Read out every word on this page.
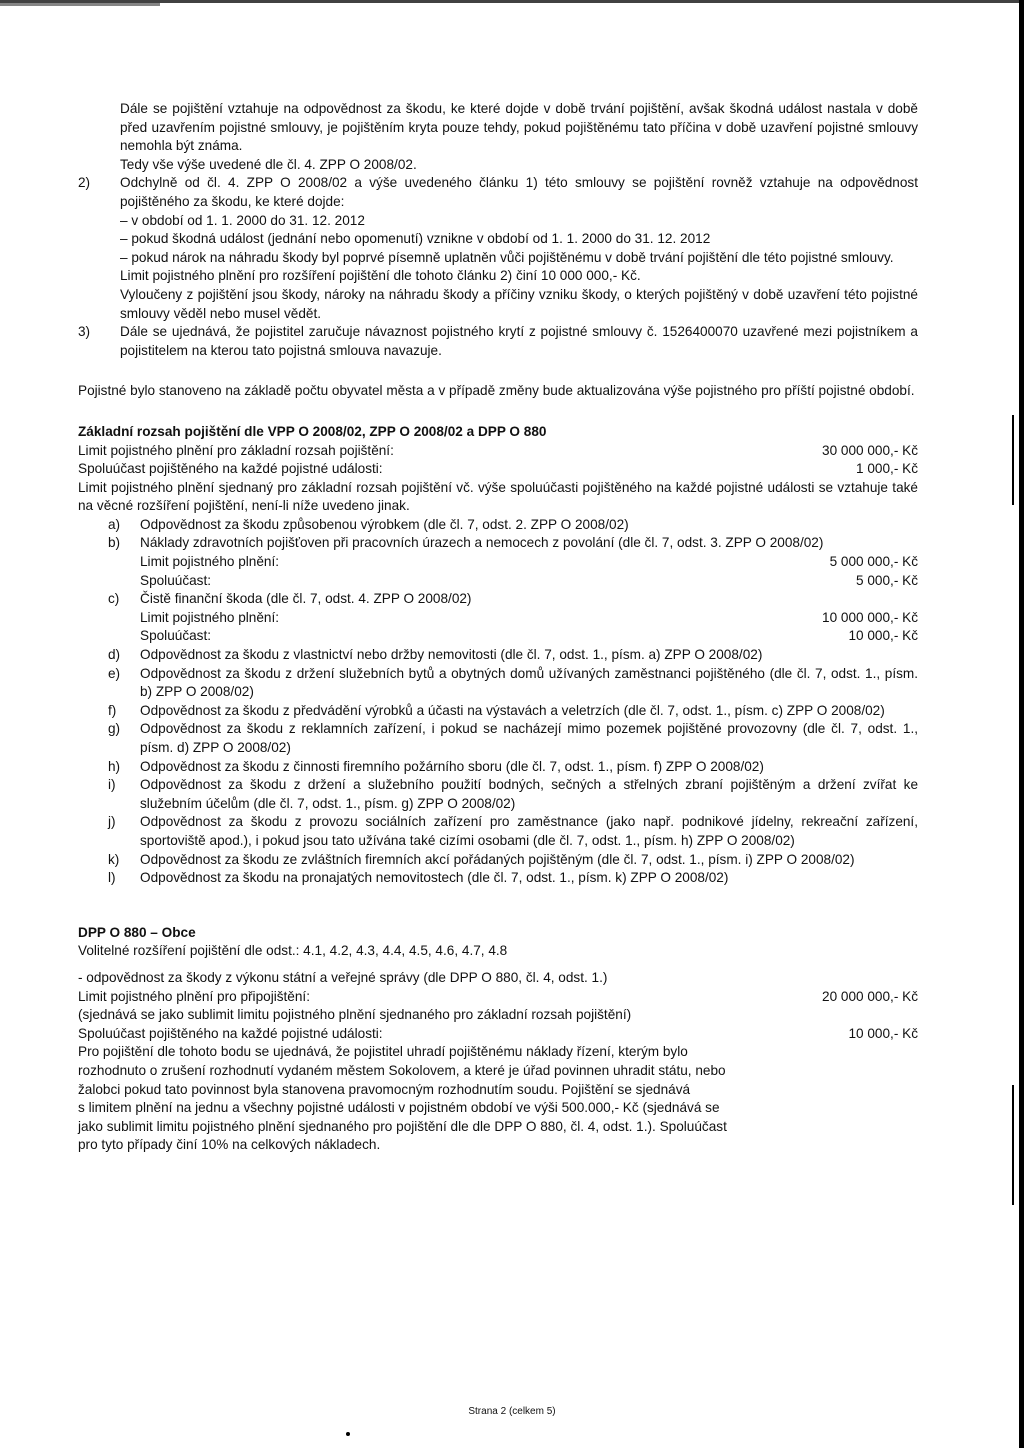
Dále se pojištění vztahuje na odpovědnost za škodu, ke které dojde v době trvání pojištění, avšak škodná událost nastala v době před uzavřením pojistné smlouvy, je pojištěním kryta pouze tehdy, pokud pojištěnému tato příčina v době uzavření pojistné smlouvy nemohla být známa.

Tedy vše výše uvedené dle čl. 4. ZPP O 2008/02.

2)	Odchylně od čl. 4. ZPP O 2008/02 a výše uvedeného článku 1) této smlouvy se pojištění rovněž vztahuje na odpovědnost pojištěného za škodu, ke které dojde:

– v období od 1. 1. 2000 do 31. 12. 2012

– pokud škodná událost (jednání nebo opomenutí) vznikne v období od 1. 1. 2000 do 31. 12. 2012

– pokud nárok na náhradu škody byl poprvé písemně uplatněn vůči pojištěnému v době trvání pojištění dle této pojistné smlouvy.

Limit pojistného plnění pro rozšíření pojištění dle tohoto článku 2) činí 10 000 000,- Kč.

Vyloučeny z pojištění jsou škody, nároky na náhradu škody a příčiny vzniku škody, o kterých pojištěný v době uzavření této pojistné smlouvy věděl nebo musel vědět.

3)	Dále se ujednává, že pojistitel zaručuje návaznost pojistného krytí z pojistné smlouvy č. 1526400070 uzavřené mezi pojistníkem a pojistitelem na kterou tato pojistná smlouva navazuje.

Pojistné bylo stanoveno na základě počtu obyvatel města a v případě změny bude aktualizována výše pojistného pro příští pojistné období.

Základní rozsah pojištění dle VPP O 2008/02, ZPP O 2008/02 a DPP O 880

Limit pojistného plnění pro základní rozsah pojištění:	30 000 000,- Kč
Spoluúčast pojištěného na každé pojistné události:	1 000,- Kč

Limit pojistného plnění sjednaný pro základní rozsah pojištění vč. výše spoluúčasti pojištěného na každé pojistné události se vztahuje také na věcné rozšíření pojištění, není-li níže uvedeno jinak.

a)	Odpovědnost za škodu způsobenou výrobkem (dle čl. 7, odst. 2. ZPP O 2008/02)
b)	Náklady zdravotních pojišťoven při pracovních úrazech a nemocech z povolání (dle čl. 7, odst. 3. ZPP O 2008/02)
Limit pojistného plnění:	5 000 000,- Kč
Spoluúčast:	5 000,- Kč
c)	Čistě finanční škoda (dle čl. 7, odst. 4. ZPP O 2008/02)
Limit pojistného plnění:	10 000 000,- Kč
Spoluúčast:	10 000,- Kč
d)	Odpovědnost za škodu z vlastnictví nebo držby nemovitosti (dle čl. 7, odst. 1., písm. a) ZPP O 2008/02)
e)	Odpovědnost za škodu z držení služebních bytů a obytných domů užívaných zaměstnanci pojištěného (dle čl. 7, odst. 1., písm. b) ZPP O 2008/02)
f)	Odpovědnost za škodu z předvádění výrobků a účasti na výstavách a veletrzích (dle čl. 7, odst. 1., písm. c) ZPP O 2008/02)
g)	Odpovědnost za škodu z reklamních zařízení, i pokud se nacházejí mimo pozemek pojištěné provozovny (dle čl. 7, odst. 1., písm. d) ZPP O 2008/02)
h)	Odpovědnost za škodu z činnosti firemního požárního sboru (dle čl. 7, odst. 1., písm. f) ZPP O 2008/02)
i)	Odpovědnost za škodu z držení a služebního použití bodných, sečných a střelných zbraní pojištěným a držení zvířat ke služebním účelům (dle čl. 7, odst. 1., písm. g) ZPP O 2008/02)
j)	Odpovědnost za škodu z provozu sociálních zařízení pro zaměstnance (jako např. podnikové jídelny, rekreační zařízení, sportoviště apod.), i pokud jsou tato užívána také cizími osobami (dle čl. 7, odst. 1., písm. h) ZPP O 2008/02)
k)	Odpovědnost za škodu ze zvláštních firemních akcí pořádaných pojištěným (dle čl. 7, odst. 1., písm. i) ZPP O 2008/02)
l)	Odpovědnost za škodu na pronajatých nemovitostech (dle čl. 7, odst. 1., písm. k) ZPP O 2008/02)

DPP O 880 – Obce

Volitelné rozšíření pojištění dle odst.: 4.1, 4.2, 4.3, 4.4, 4.5, 4.6, 4.7, 4.8

- odpovědnost za škody z výkonu státní a veřejné správy (dle DPP O 880, čl. 4, odst. 1.)

Limit pojistného plnění pro připojištění:	20 000 000,- Kč

(sjednává se jako sublimit limitu pojistného plnění sjednaného pro základní rozsah pojištění)

Spoluúčast pojištěného na každé pojistné události:	10 000,- Kč

Pro pojištění dle tohoto bodu se ujednává, že pojistitel uhradí pojištěnému náklady řízení, kterým bylo

rozhodnuto o zrušení rozhodnutí vydaném městem Sokolovem, a které je úřad povinnen uhradit státu, nebo

žalobci pokud tato povinnost byla stanovena pravomocným rozhodnutím soudu. Pojištění se sjednává

s limitem plnění na jednu a všechny pojistné události v pojistném období ve výši 500.000,- Kč (sjednává se

jako sublimit limitu pojistného plnění sjednaného pro pojištění dle dle DPP O 880, čl. 4, odst. 1.). Spoluúčast

pro tyto případy činí 10% na celkových nákladech.

Strana 2 (celkem 5)
